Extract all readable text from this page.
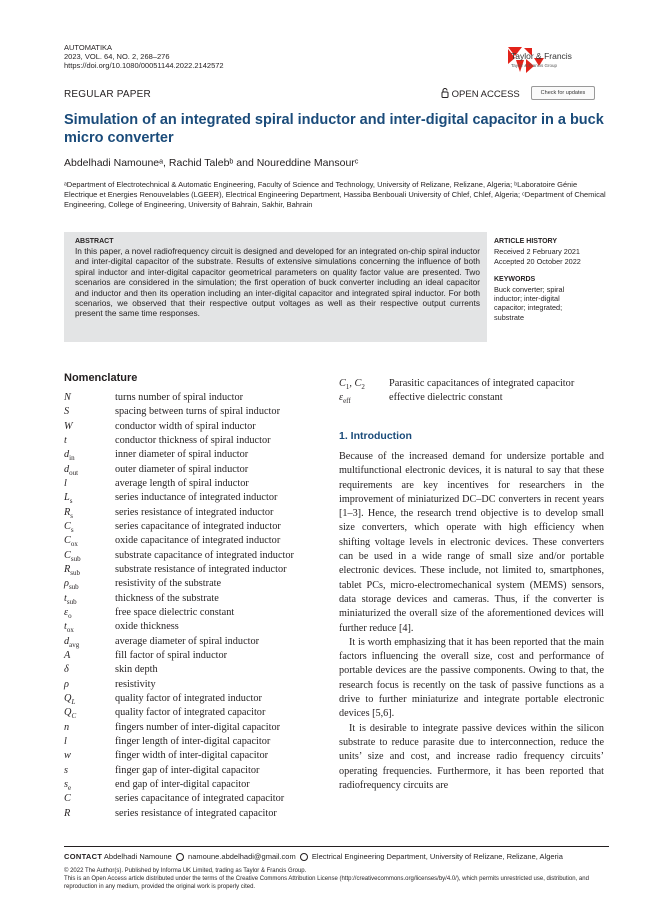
AUTOMATIKA
2023, VOL. 64, NO. 2, 268–276
https://doi.org/10.1080/00051144.2022.2142572
Taylor & Francis
Taylor & Francis Group
REGULAR PAPER	OPEN ACCESS	Check for updates
Simulation of an integrated spiral inductor and inter-digital capacitor in a buck micro converter
Abdelhadi Namouneᵃ, Rachid Talebᵇ and Noureddine Mansourᶜ
ᵃDepartment of Electrotechnical & Automatic Engineering, Faculty of Science and Technology, University of Relizane, Relizane, Algeria; ᵇLaboratoire Génie Electrique et Energies Renouvelables (LGEER), Electrical Engineering Department, Hassiba Benbouali University of Chlef, Chlef, Algeria; ᶜDepartment of Chemical Engineering, College of Engineering, University of Bahrain, Sakhir, Bahrain
ABSTRACT
In this paper, a novel radiofrequency circuit is designed and developed for an integrated on-chip spiral inductor and inter-digital capacitor of the substrate. Results of extensive simulations concerning the influence of both spiral inductor and inter-digital capacitor geometrical parameters on quality factor value are presented. Two scenarios are considered in the simulation; the first operation of buck converter including an ideal capacitor and inductor and then its operation including an inter-digital capacitor and integrated spiral inductor. For both scenarios, we observed that their respective output voltages as well as their respective output currents present the same time responses.
ARTICLE HISTORY
Received 2 February 2021
Accepted 20 October 2022
KEYWORDS
Buck converter; spiral inductor; inter-digital capacitor; integrated; substrate
Nomenclature
N	turns number of spiral inductor
S	spacing between turns of spiral inductor
W	conductor width of spiral inductor
t	conductor thickness of spiral inductor
$d_{in}$	inner diameter of spiral inductor
$d_{out}$	outer diameter of spiral inductor
l	average length of spiral inductor
$L_s$	series inductance of integrated inductor
$R_s$	series resistance of integrated inductor
$C_s$	series capacitance of integrated inductor
$C_{ox}$	oxide capacitance of integrated inductor
$C_{sub}$	substrate capacitance of integrated inductor
$R_{sub}$	substrate resistance of integrated inductor
$\rho_{sub}$	resistivity of the substrate
$t_{sub}$	thickness of the substrate
$\varepsilon_o$	free space dielectric constant
$t_{ox}$	oxide thickness
$d_{avg}$	average diameter of spiral inductor
A	fill factor of spiral inductor
δ	skin depth
ρ	resistivity
$Q_L$	quality factor of integrated inductor
$Q_C$	quality factor of integrated capacitor
n	fingers number of inter-digital capacitor
l	finger length of inter-digital capacitor
w	finger width of inter-digital capacitor
s	finger gap of inter-digital capacitor
$s_e$	end gap of inter-digital capacitor
C	series capacitance of integrated capacitor
R	series resistance of integrated capacitor
$C_1$, $C_2$	Parasitic capacitances of integrated capacitor
$\varepsilon_{eff}$	effective dielectric constant
1. Introduction

Because of the increased demand for undersize portable and multifunctional electronic devices, it is natural to say that these requirements are key incentives for researchers in the improvement of miniaturized DC–DC converters in recent years [1–3]. Hence, the research trend objective is to develop small size converters, which operate with high efficiency when shifting voltage levels in electronic devices. These converters can be used in a wide range of small size and/or portable electronic devices. These include, not limited to, smartphones, tablet PCs, micro-electromechanical system (MEMS) sensors, data storage devices and cameras. Thus, if the converter is miniaturized the overall size of the aforementioned devices will further reduce [4].

It is worth emphasizing that it has been reported that the main factors influencing the overall size, cost and performance of portable devices are the passive components. Owing to that, the research focus is recently on the task of passive functions as a drive to further miniaturize and integrate portable electronic devices [5,6].

It is desirable to integrate passive devices within the silicon substrate to reduce parasite due to interconnection, reduce the units’ size and cost, and increase radio frequency circuits’ operating frequencies. Furthermore, it has been reported that radiofrequency circuits are

CONTACT Abdelhadi Namoune namoune.abdelhadi@gmail.com Electrical Engineering Department, University of Relizane, Relizane, Algeria
© 2022 The Author(s). Published by Informa UK Limited, trading as Taylor & Francis Group.
This is an Open Access article distributed under the terms of the Creative Commons Attribution License (http://creativecommons.org/licenses/by/4.0/), which permits unrestricted use, distribution, and reproduction in any medium, provided the original work is properly cited.
